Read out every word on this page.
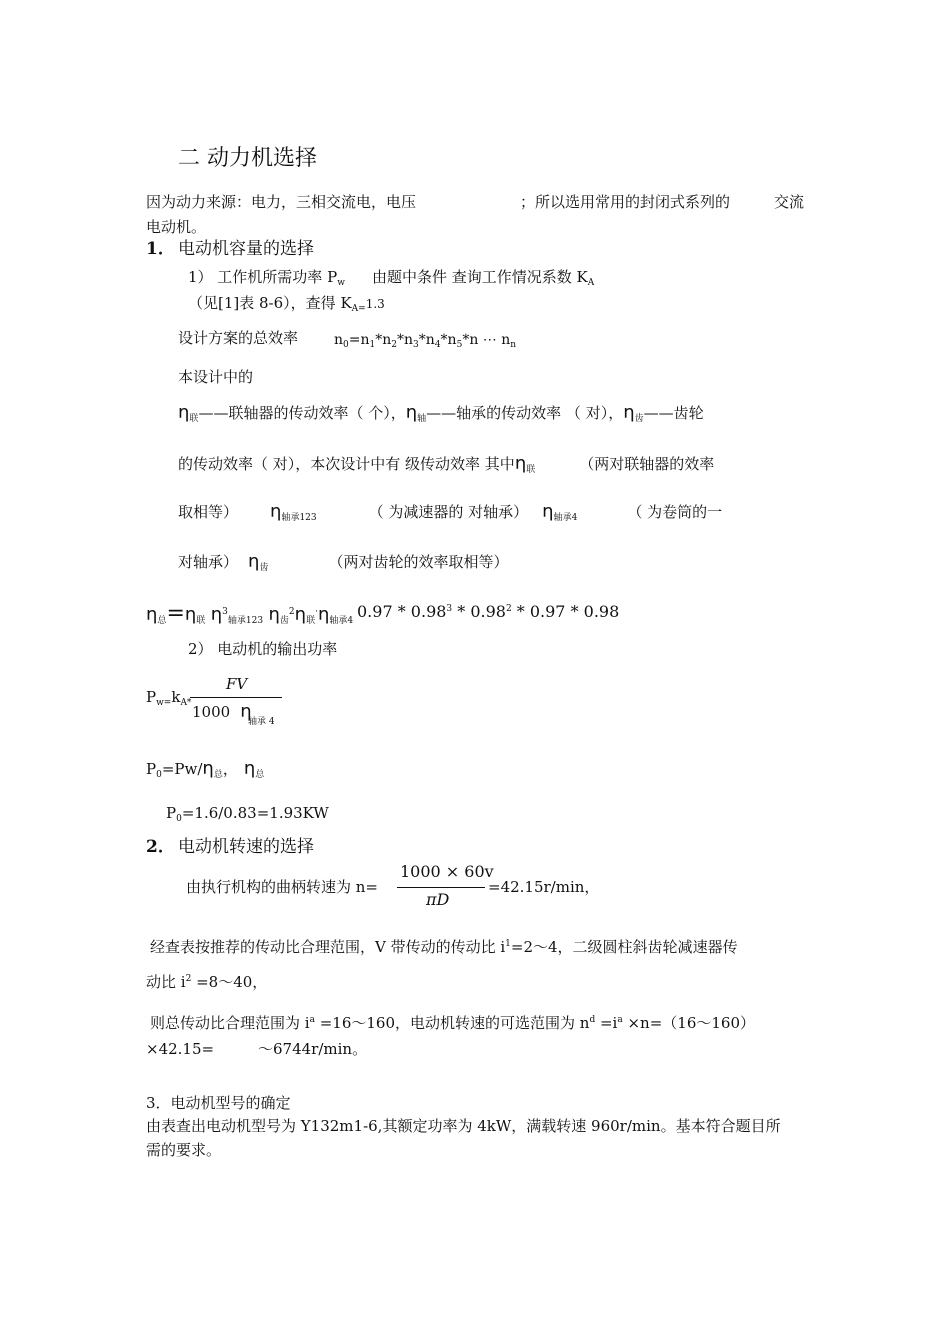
二 动力机选择
因为动力来源：电力，三相交流电，电压	；所以选用常用的封闭式系列的	交流
电动机。
1． 电动机容量的选择
1） 工作机所需功率 $P_w$ 由题中条件 查询工作情况系数 $K_A$
（见[1]表 8-6），查得 $K_{A=}1.3$
设计方案的总效率	$n_0=n_1*n_2*n_3*n_4*n_5*n$ ⋯ $n_n$
本设计中的
$\eta_联——$联轴器的传动效率（ 个），$\eta_轴——$轴承的传动效率 （ 对），$\eta_齿——$齿轮
的传动效率（ 对），本次设计中有 级传动效率 其中$\eta_联$	（两对联轴器的效率
取相等） $\eta_{轴承123}$	（ 为减速器的 对轴承） $\eta_{轴承4}$	（ 为卷筒的一
对轴承） $\eta_齿$	（两对齿轮的效率取相等）
$\eta_总=\eta_联$ $\eta^3_{轴承123}$ $\eta_齿^2\eta_联^\cdot\eta_{轴承4}$ 0.97 * 0.98$^3$ * 0.98$^2$ * 0.97 * 0.98
2） 电动机的输出功率
$P_{w=}k_{A*}$
FV
1000 η
轴承 4
$P_0=Pw/\eta_总$， $\eta_总$
$P_0=1.6/0.83=1.93KW$
2． 电动机转速的选择
由执行机构的曲柄转速为 n=
1000 × 60v
πD
=42.15r/min，
经查表按推荐的传动比合理范围，V 带传动的传动比 $i^1=2\sim 4$，二级圆柱斜齿轮减速器传
动比 $i^2$ =8～40，
则总传动比合理范围为 $i^a$ =16～160，电动机转速的可选范围为 $n^d =i^a$ ×n=（16～160）
×42.15=	～6744r/min。
3．电动机型号的确定
由表查出电动机型号为 Y132m1-6,其额定功率为 4kW，满载转速 960r/min。基本符合题目所
需的要求。
